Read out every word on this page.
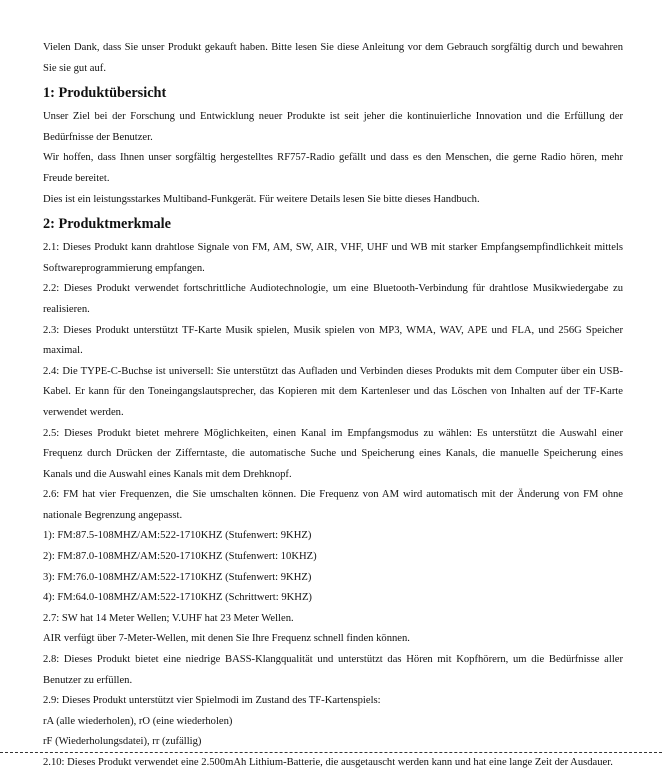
Vielen Dank, dass Sie unser Produkt gekauft haben. Bitte lesen Sie diese Anleitung vor dem Gebrauch sorgfältig durch und bewahren Sie sie gut auf.

1: Produktübersicht

Unser Ziel bei der Forschung und Entwicklung neuer Produkte ist seit jeher die kontinuierliche Innovation und die Erfüllung der Bedürfnisse der Benutzer.

Wir hoffen, dass Ihnen unser sorgfältig hergestelltes RF757-Radio gefällt und dass es den Menschen, die gerne Radio hören, mehr Freude bereitet.

Dies ist ein leistungsstarkes Multiband-Funkgerät. Für weitere Details lesen Sie bitte dieses Handbuch.

2: Produktmerkmale

2.1: Dieses Produkt kann drahtlose Signale von FM, AM, SW, AIR, VHF, UHF und WB mit starker Empfangsempfindlichkeit mittels Softwareprogrammierung empfangen.

2.2: Dieses Produkt verwendet fortschrittliche Audiotechnologie, um eine Bluetooth-Verbindung für drahtlose Musikwiedergabe zu realisieren.

2.3: Dieses Produkt unterstützt TF-Karte Musik spielen, Musik spielen von MP3, WMA, WAV, APE und FLA, und 256G Speicher maximal.

2.4: Die TYPE-C-Buchse ist universell: Sie unterstützt das Aufladen und Verbinden dieses Produkts mit dem Computer über ein USB-Kabel. Er kann für den Toneingangslautsprecher, das Kopieren mit dem Kartenleser und das Löschen von Inhalten auf der TF-Karte verwendet werden.

2.5: Dieses Produkt bietet mehrere Möglichkeiten, einen Kanal im Empfangsmodus zu wählen: Es unterstützt die Auswahl einer Frequenz durch Drücken der Zifferntaste, die automatische Suche und Speicherung eines Kanals, die manuelle Speicherung eines Kanals und die Auswahl eines Kanals mit dem Drehknopf.

2.6: FM hat vier Frequenzen, die Sie umschalten können. Die Frequenz von AM wird automatisch mit der Änderung von FM ohne nationale Begrenzung angepasst.

1): FM:87.5-108MHZ/AM:522-1710KHZ (Stufenwert: 9KHZ)

2): FM:87.0-108MHZ/AM:520-1710KHZ (Stufenwert: 10KHZ)

3): FM:76.0-108MHZ/AM:522-1710KHZ (Stufenwert: 9KHZ)

4): FM:64.0-108MHZ/AM:522-1710KHZ (Schrittwert: 9KHZ)

2.7: SW hat 14 Meter Wellen; V.UHF hat 23 Meter Wellen.

AIR verfügt über 7-Meter-Wellen, mit denen Sie Ihre Frequenz schnell finden können.

2.8: Dieses Produkt bietet eine niedrige BASS-Klangqualität und unterstützt das Hören mit Kopfhörern, um die Bedürfnisse aller Benutzer zu erfüllen.

2.9: Dieses Produkt unterstützt vier Spielmodi im Zustand des TF-Kartenspiels:

rA (alle wiederholen), rO (eine wiederholen)

rF (Wiederholungsdatei), rr (zufällig)

2.10: Dieses Produkt verwendet eine 2.500mAh Lithium-Batterie, die ausgetauscht werden kann und hat eine lange Zeit der Ausdauer.
